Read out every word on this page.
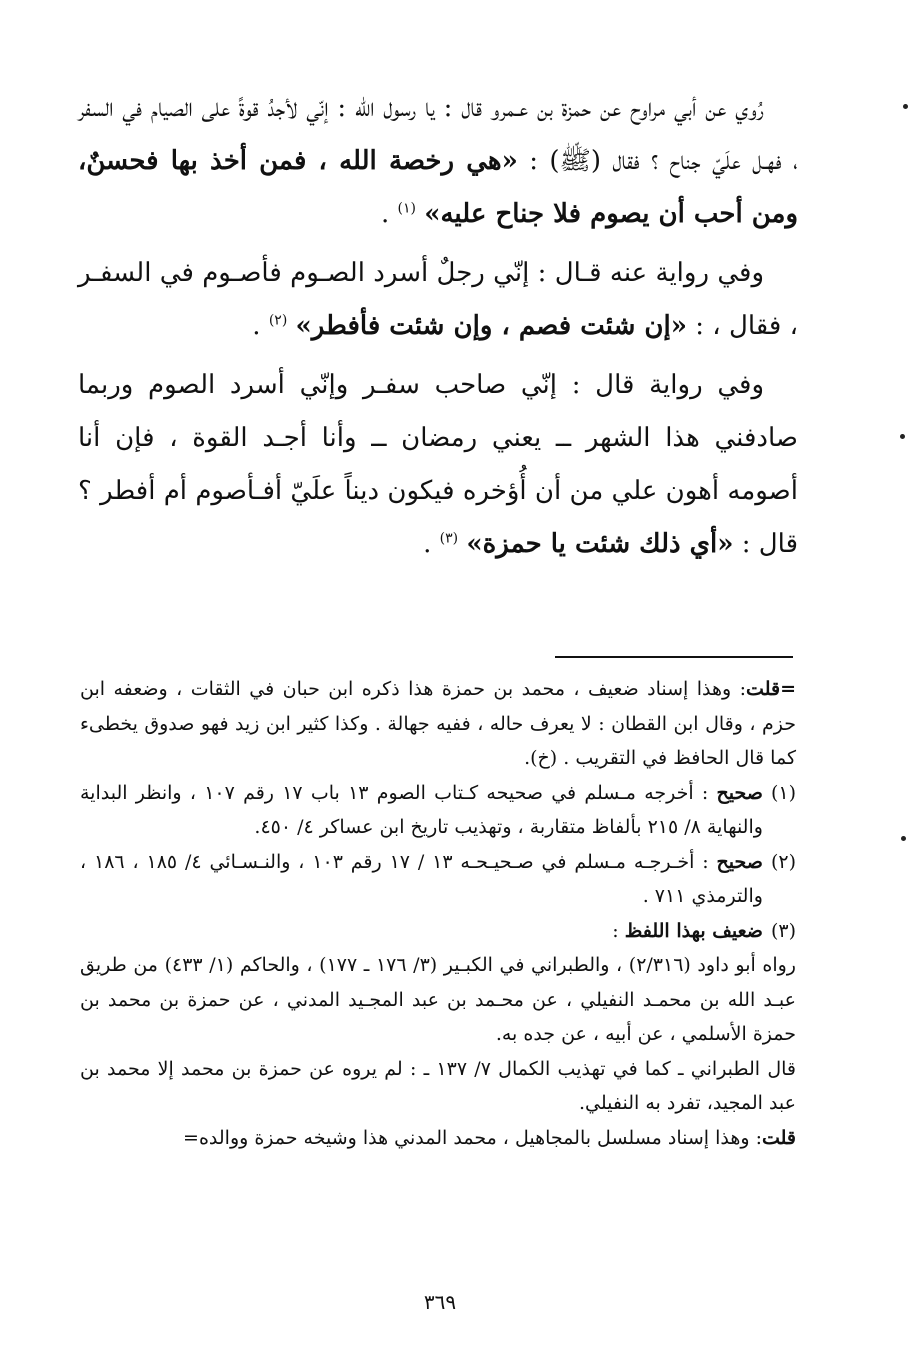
رُوي عن أبي مراوح عن حمزة بن عـمرو قال : يا رسول الله : إنّي لأجدُ قوةً على الصيام في السفر ، فهـل علَيّ جناح ؟ فقال (ﷺ) : «هي رخصة الله ، فمن أخذ بها فحسنٌ، ومن أحب أن يصوم فلا جناح عليه» $^{(١)}$ .

وفي رواية عنه قـال : إنّي رجلٌ أسرد الصـوم فأصـوم في السفـر ، فقال ، : «إن شئت فصم ، وإن شئت فأفطر» $^{(٢)}$ .

وفي رواية قال : إنّي صاحب سفـر وإنّي أسرد الصوم وربما صادفني هذا الشهر ــ يعني رمضان ــ وأنا أجـد القوة ، فإن أنا أصومه أهون علي من أن أُؤخره فيكون ديناً علَيّ أفـأصوم أم أفطر ؟ قال : «أي ذلك شئت يا حمزة» $^{(٣)}$ .

=قلت: وهذا إسناد ضعيف ، محمد بن حمزة هذا ذكره ابن حبان في الثقات ، وضعفه ابن حزم ، وقال ابن القطان : لا يعرف حاله ، ففيه جهالة . وكذا كثير ابن زيد فهو صدوق يخطىء كما قال الحافظ في التقريب . (خ).

(١)

صحيح : أخرجه مـسلم في صحيحه كـتاب الصوم ١٣ باب ١٧ رقم ١٠٧ ، وانظر البداية والنهاية ٨/ ٢١٥ بألفاظ متقاربة ، وتهذيب تاريخ ابن عساكر ٤/ ٤٥٠.

(٢)

صحيح : أخـرجـه مـسلم في صـحيـحـه ١٣ / ١٧ رقم ١٠٣ ، والنـسـائي ٤/ ١٨٥ ، ١٨٦ ، والترمذي ٧١١ .

(٣)

ضعيف بهذا اللفظ :

رواه أبو داود (٢/٣١٦) ، والطبراني في الكبـير (٣/ ١٧٦ ـ ١٧٧) ، والحاكم (١/ ٤٣٣) من طريق عبـد الله بن محمـد النفيلي ، عن محـمد بن عبد المجـيد المدني ، عن حمزة بن محمد بن حمزة الأسلمي ، عن أبيه ، عن جده به.

قال الطبراني ـ كما في تهذيب الكمال ٧/ ١٣٧ ـ : لم يروه عن حمزة بن محمد إلا محمد بن عبد المجيد، تفرد به النفيلي.

قلت: وهذا إسناد مسلسل بالمجاهيل ، محمد المدني هذا وشيخه حمزة ووالده=

٣٦٩
